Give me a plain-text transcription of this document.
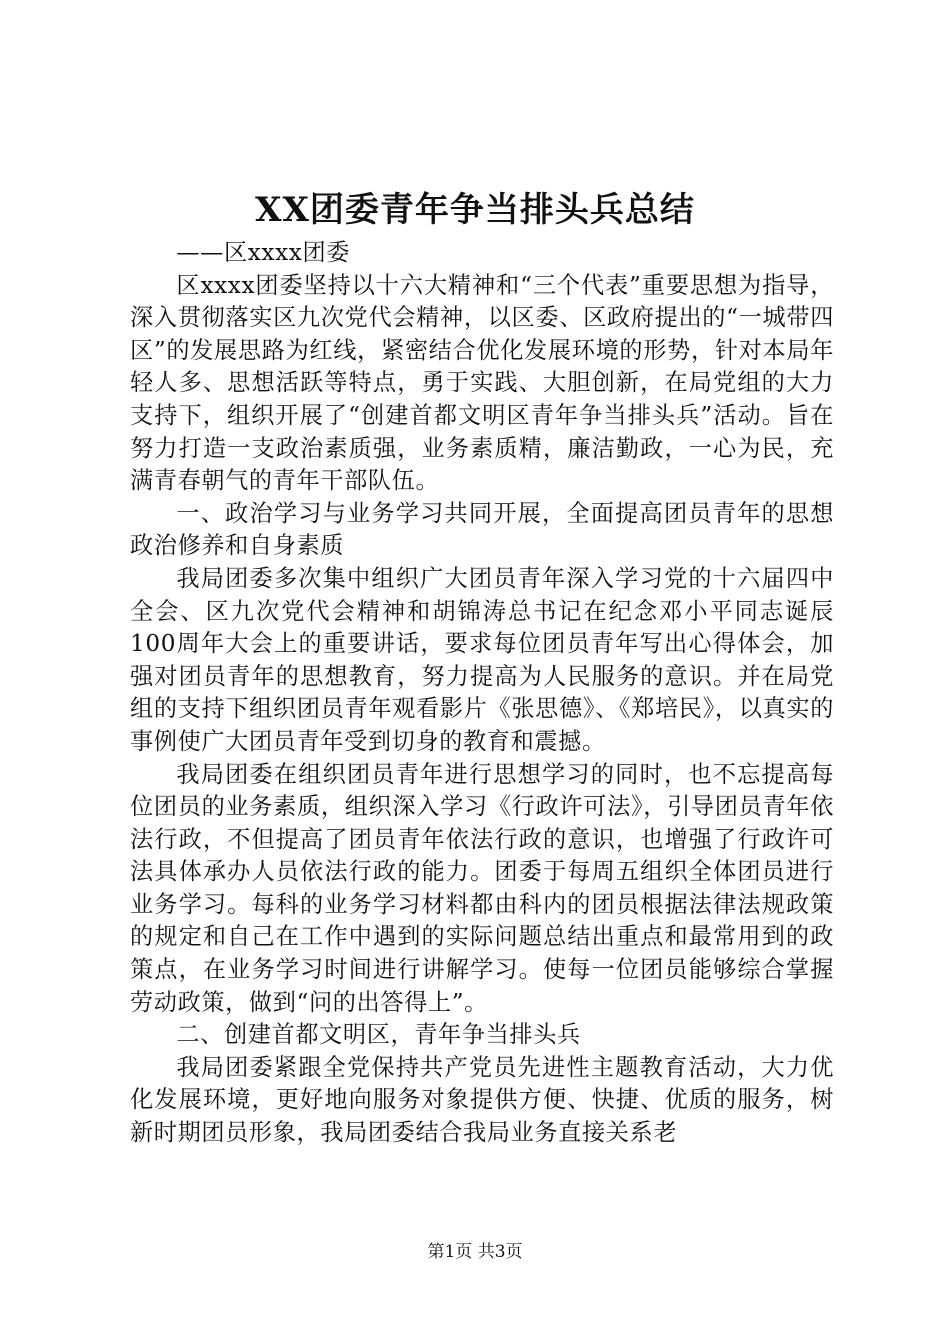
XX团委青年争当排头兵总结

——区xxxx团委

区xxxx团委坚持以十六大精神和“三个代表”重要思想为指导，深入贯彻落实区九次党代会精神，以区委、区政府提出的“一城带四区”的发展思路为红线，紧密结合优化发展环境的形势，针对本局年轻人多、思想活跃等特点，勇于实践、大胆创新，在局党组的大力支持下，组织开展了“创建首都文明区青年争当排头兵”活动。旨在努力打造一支政治素质强，业务素质精，廉洁勤政，一心为民，充满青春朝气的青年干部队伍。

一、政治学习与业务学习共同开展，全面提高团员青年的思想政治修养和自身素质

我局团委多次集中组织广大团员青年深入学习党的十六届四中全会、区九次党代会精神和胡锦涛总书记在纪念邓小平同志诞辰100周年大会上的重要讲话，要求每位团员青年写出心得体会，加强对团员青年的思想教育，努力提高为人民服务的意识。并在局党组的支持下组织团员青年观看影片《张思德》、《郑培民》，以真实的事例使广大团员青年受到切身的教育和震撼。

我局团委在组织团员青年进行思想学习的同时，也不忘提高每位团员的业务素质，组织深入学习《行政许可法》，引导团员青年依法行政，不但提高了团员青年依法行政的意识，也增强了行政许可法具体承办人员依法行政的能力。团委于每周五组织全体团员进行业务学习。每科的业务学习材料都由科内的团员根据法律法规政策的规定和自己在工作中遇到的实际问题总结出重点和最常用到的政策点，在业务学习时间进行讲解学习。使每一位团员能够综合掌握劳动政策，做到“问的出答得上”。

二、创建首都文明区，青年争当排头兵

我局团委紧跟全党保持共产党员先进性主题教育活动，大力优化发展环境，更好地向服务对象提供方便、快捷、优质的服务，树新时期团员形象，我局团委结合我局业务直接关系老

第1页 共3页
